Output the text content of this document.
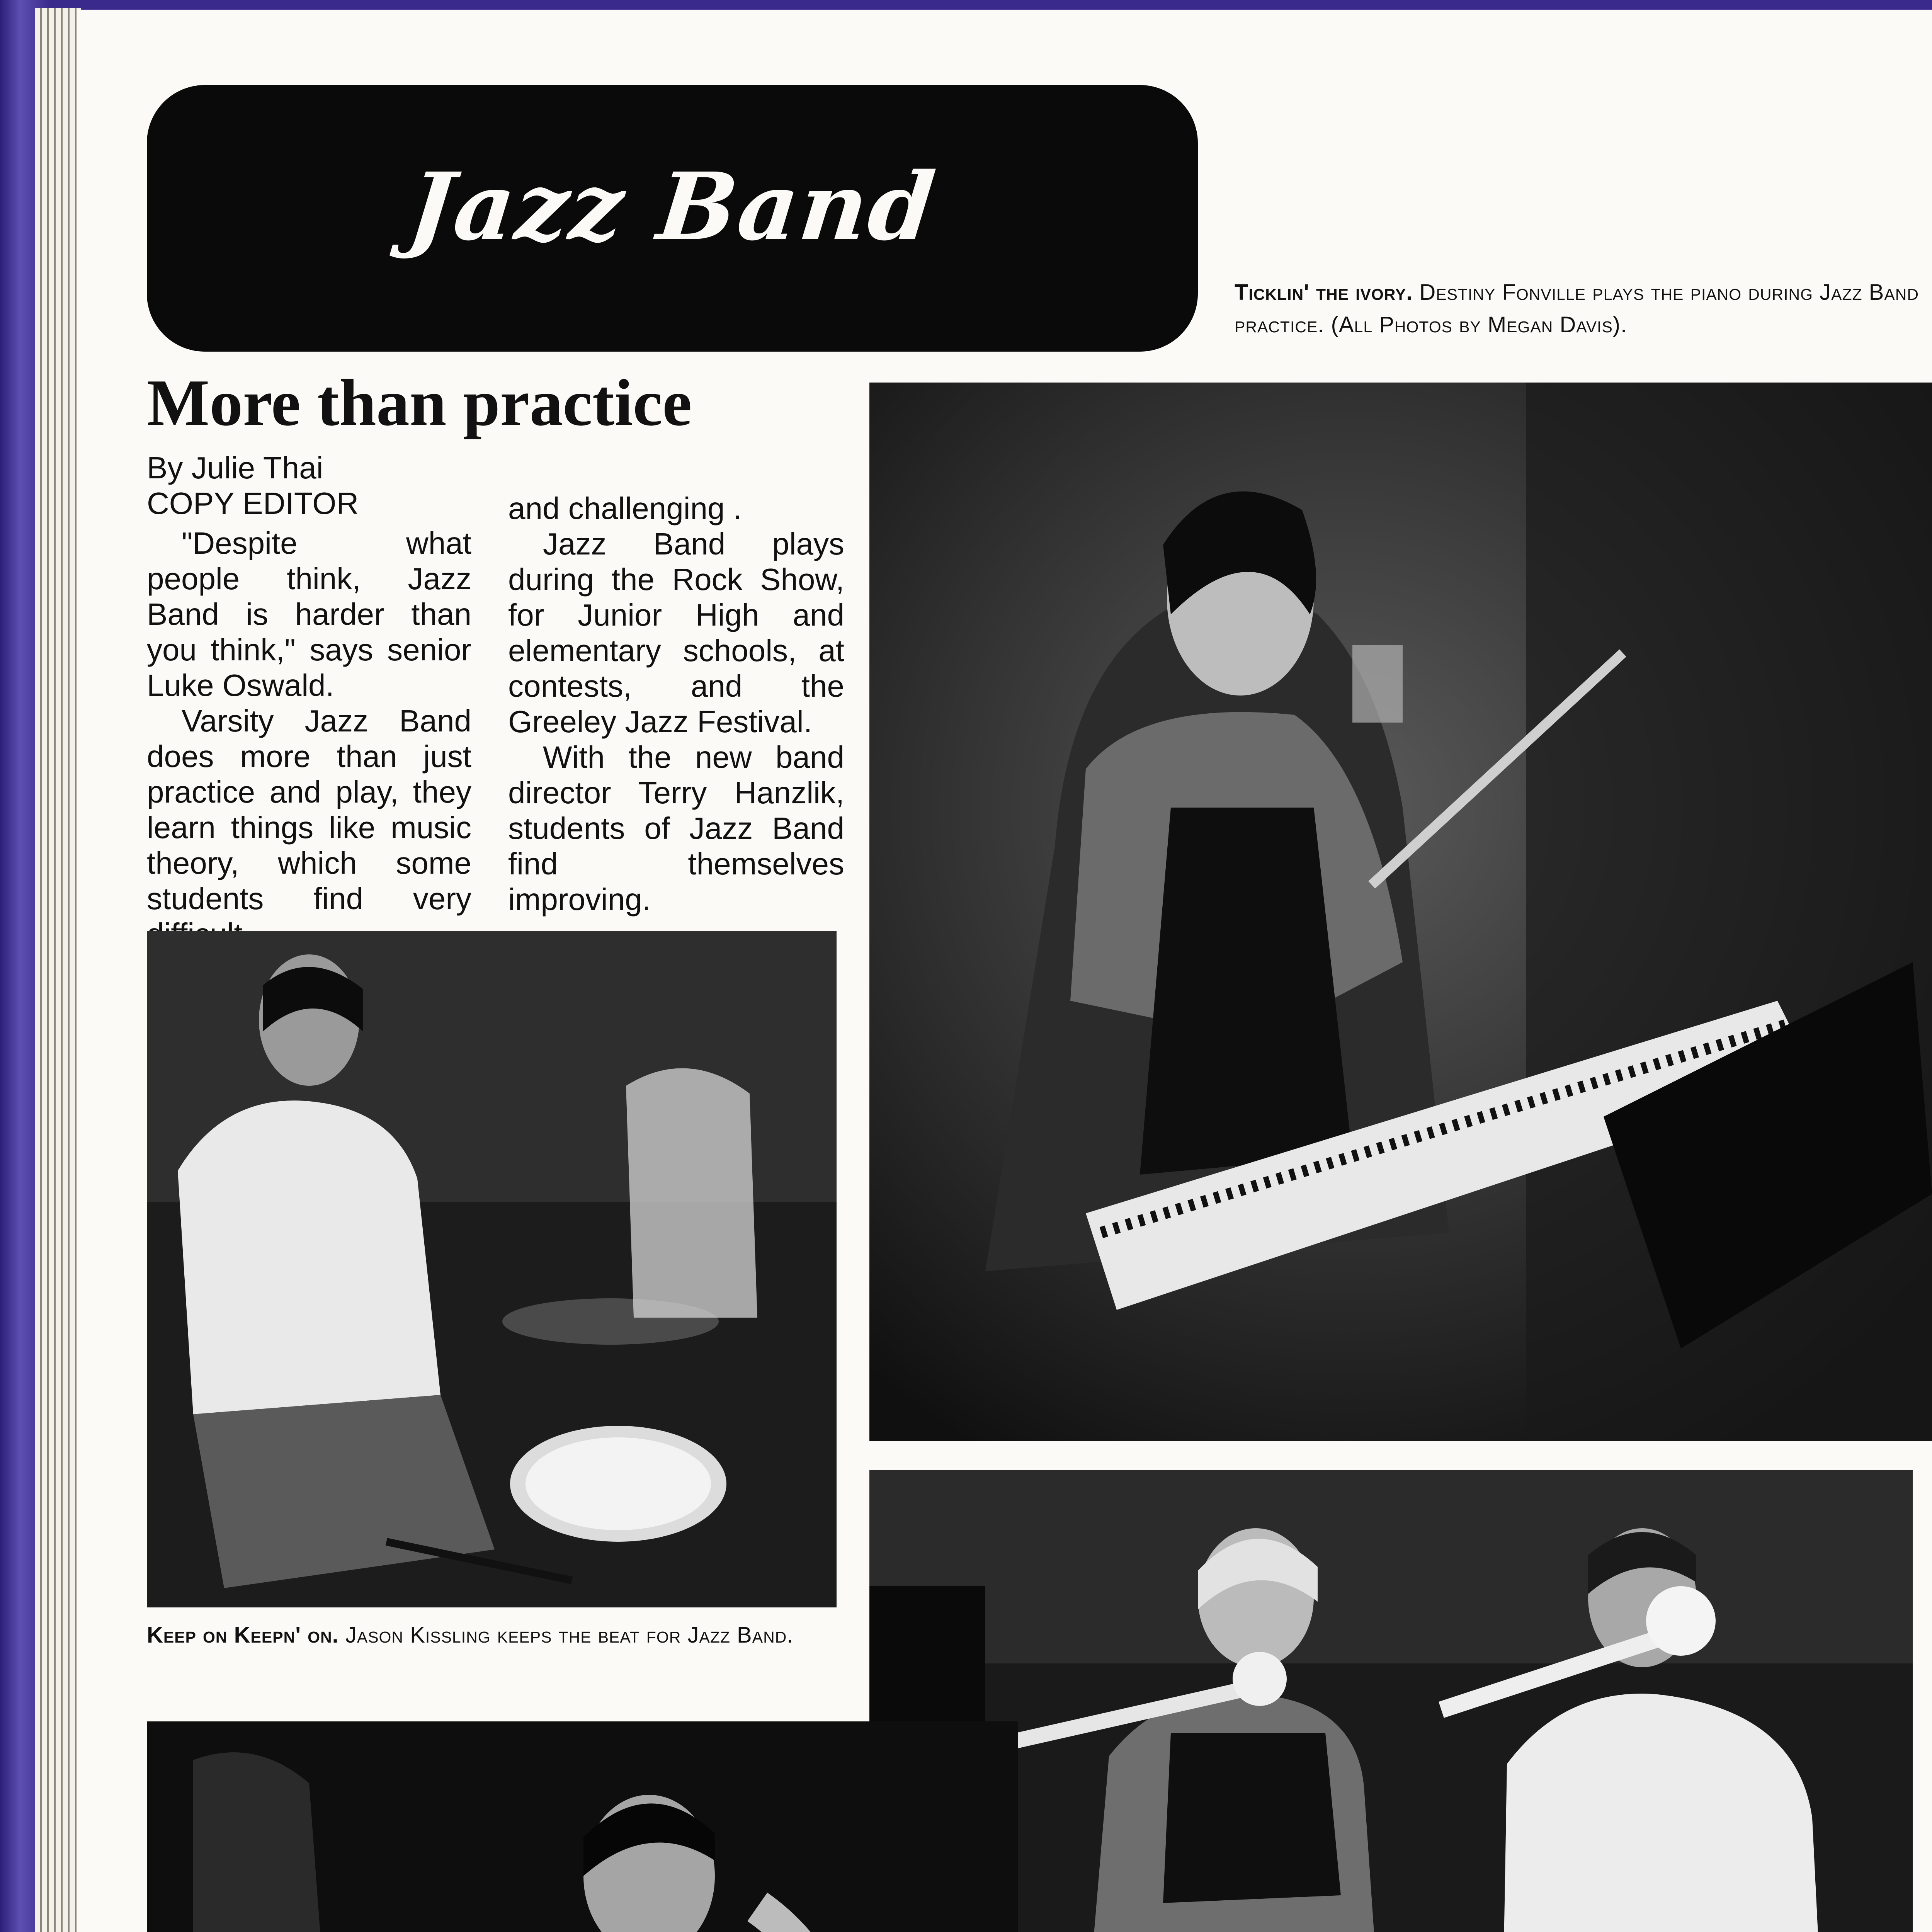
Jazz Band
Ticklin' the ivory. Destiny Fonville plays the piano during Jazz Band practice. (All Photos by Megan Davis).
More than practice
By Julie Thai
COPY EDITOR

"Despite what people think, Jazz Band is harder than you think," says senior Luke Oswald.

Varsity Jazz Band does more than just practice and play, they learn things like music theory, which some students find very

and challenging .

Jazz Band plays during the Rock Show, for Junior High and elementary schools, at contests, and the Greeley Jazz Festival.

With the new band director Terry Hanzlik, students of Jazz Band find themselves improving.

Keep on Keepn' on. Jason Kissling keeps the beat for Jazz Band.
